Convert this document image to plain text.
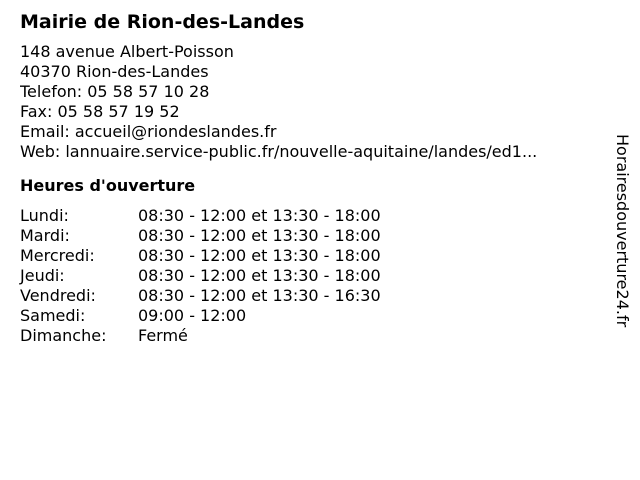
Mairie de Rion-des-Landes
148 avenue Albert-Poisson
40370 Rion-des-Landes
Telefon: 05 58 57 10 28
Fax: 05 58 57 19 52
Email: accueil@riondeslandes.fr
Web: lannuaire.service-public.fr/nouvelle-aquitaine/landes/ed1...
Heures d'ouverture
Lundi:	08:30 - 12:00 et 13:30 - 18:00
Mardi:	08:30 - 12:00 et 13:30 - 18:00
Mercredi:	08:30 - 12:00 et 13:30 - 18:00
Jeudi:	08:30 - 12:00 et 13:30 - 18:00
Vendredi:	08:30 - 12:00 et 13:30 - 16:30
Samedi:	09:00 - 12:00
Dimanche:	Fermé
Horairesdouverture24.fr
